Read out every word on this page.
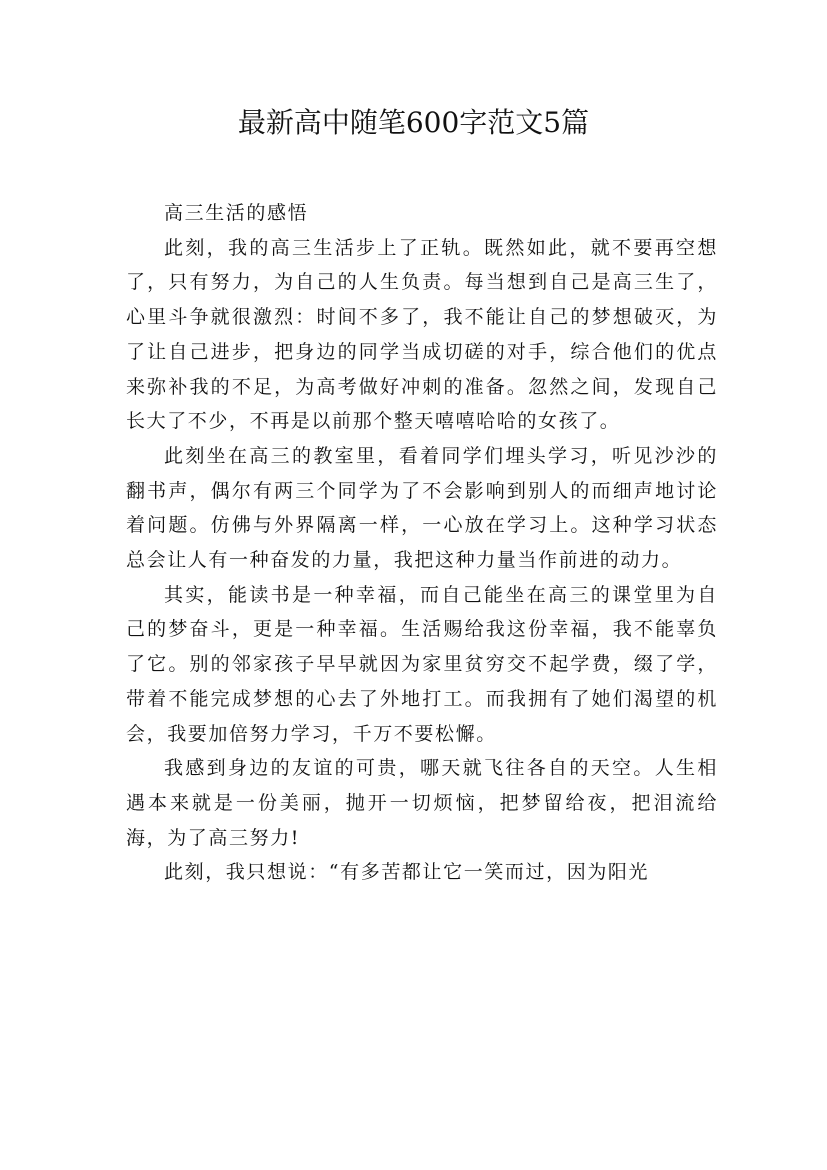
最新高中随笔600字范文5篇

高三生活的感悟

此刻，我的高三生活步上了正轨。既然如此，就不要再空想了，只有努力，为自己的人生负责。每当想到自己是高三生了，心里斗争就很激烈：时间不多了，我不能让自己的梦想破灭，为了让自己进步，把身边的同学当成切磋的对手，综合他们的优点来弥补我的不足，为高考做好冲刺的准备。忽然之间，发现自己长大了不少，不再是以前那个整天嘻嘻哈哈的女孩了。

此刻坐在高三的教室里，看着同学们埋头学习，听见沙沙的翻书声，偶尔有两三个同学为了不会影响到别人的而细声地讨论着问题。仿佛与外界隔离一样，一心放在学习上。这种学习状态总会让人有一种奋发的力量，我把这种力量当作前进的动力。

其实，能读书是一种幸福，而自己能坐在高三的课堂里为自己的梦奋斗，更是一种幸福。生活赐给我这份幸福，我不能辜负了它。别的邻家孩子早早就因为家里贫穷交不起学费，缀了学，带着不能完成梦想的心去了外地打工。而我拥有了她们渴望的机会，我要加倍努力学习，千万不要松懈。

我感到身边的友谊的可贵，哪天就飞往各自的天空。人生相遇本来就是一份美丽，抛开一切烦恼，把梦留给夜，把泪流给海，为了高三努力!

此刻，我只想说：“有多苦都让它一笑而过，因为阳光
